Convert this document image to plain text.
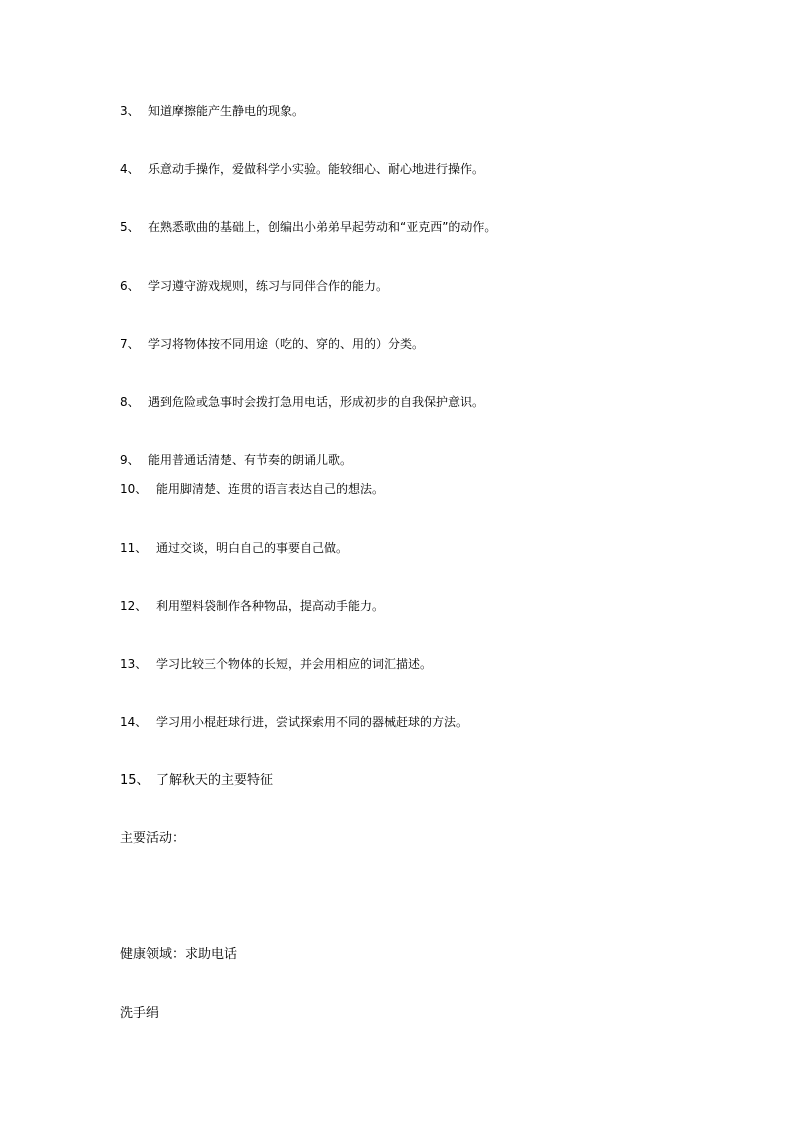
3、 知道摩擦能产生静电的现象。
4、 乐意动手操作，爱做科学小实验。能较细心、耐心地进行操作。
5、 在熟悉歌曲的基础上，创编出小弟弟早起劳动和“亚克西”的动作。
6、 学习遵守游戏规则，练习与同伴合作的能力。
7、 学习将物体按不同用途（吃的、穿的、用的）分类。
8、 遇到危险或急事时会拨打急用电话，形成初步的自我保护意识。
9、 能用普通话清楚、有节奏的朗诵儿歌。
10、 能用脚清楚、连贯的语言表达自己的想法。
11、 通过交谈，明白自己的事要自己做。
12、 利用塑料袋制作各种物品，提高动手能力。
13、 学习比较三个物体的长短，并会用相应的词汇描述。
14、 学习用小棍赶球行进，尝试探索用不同的器械赶球的方法。
15、 了解秋天的主要特征
主要活动：
健康领域：求助电话
洗手绢
